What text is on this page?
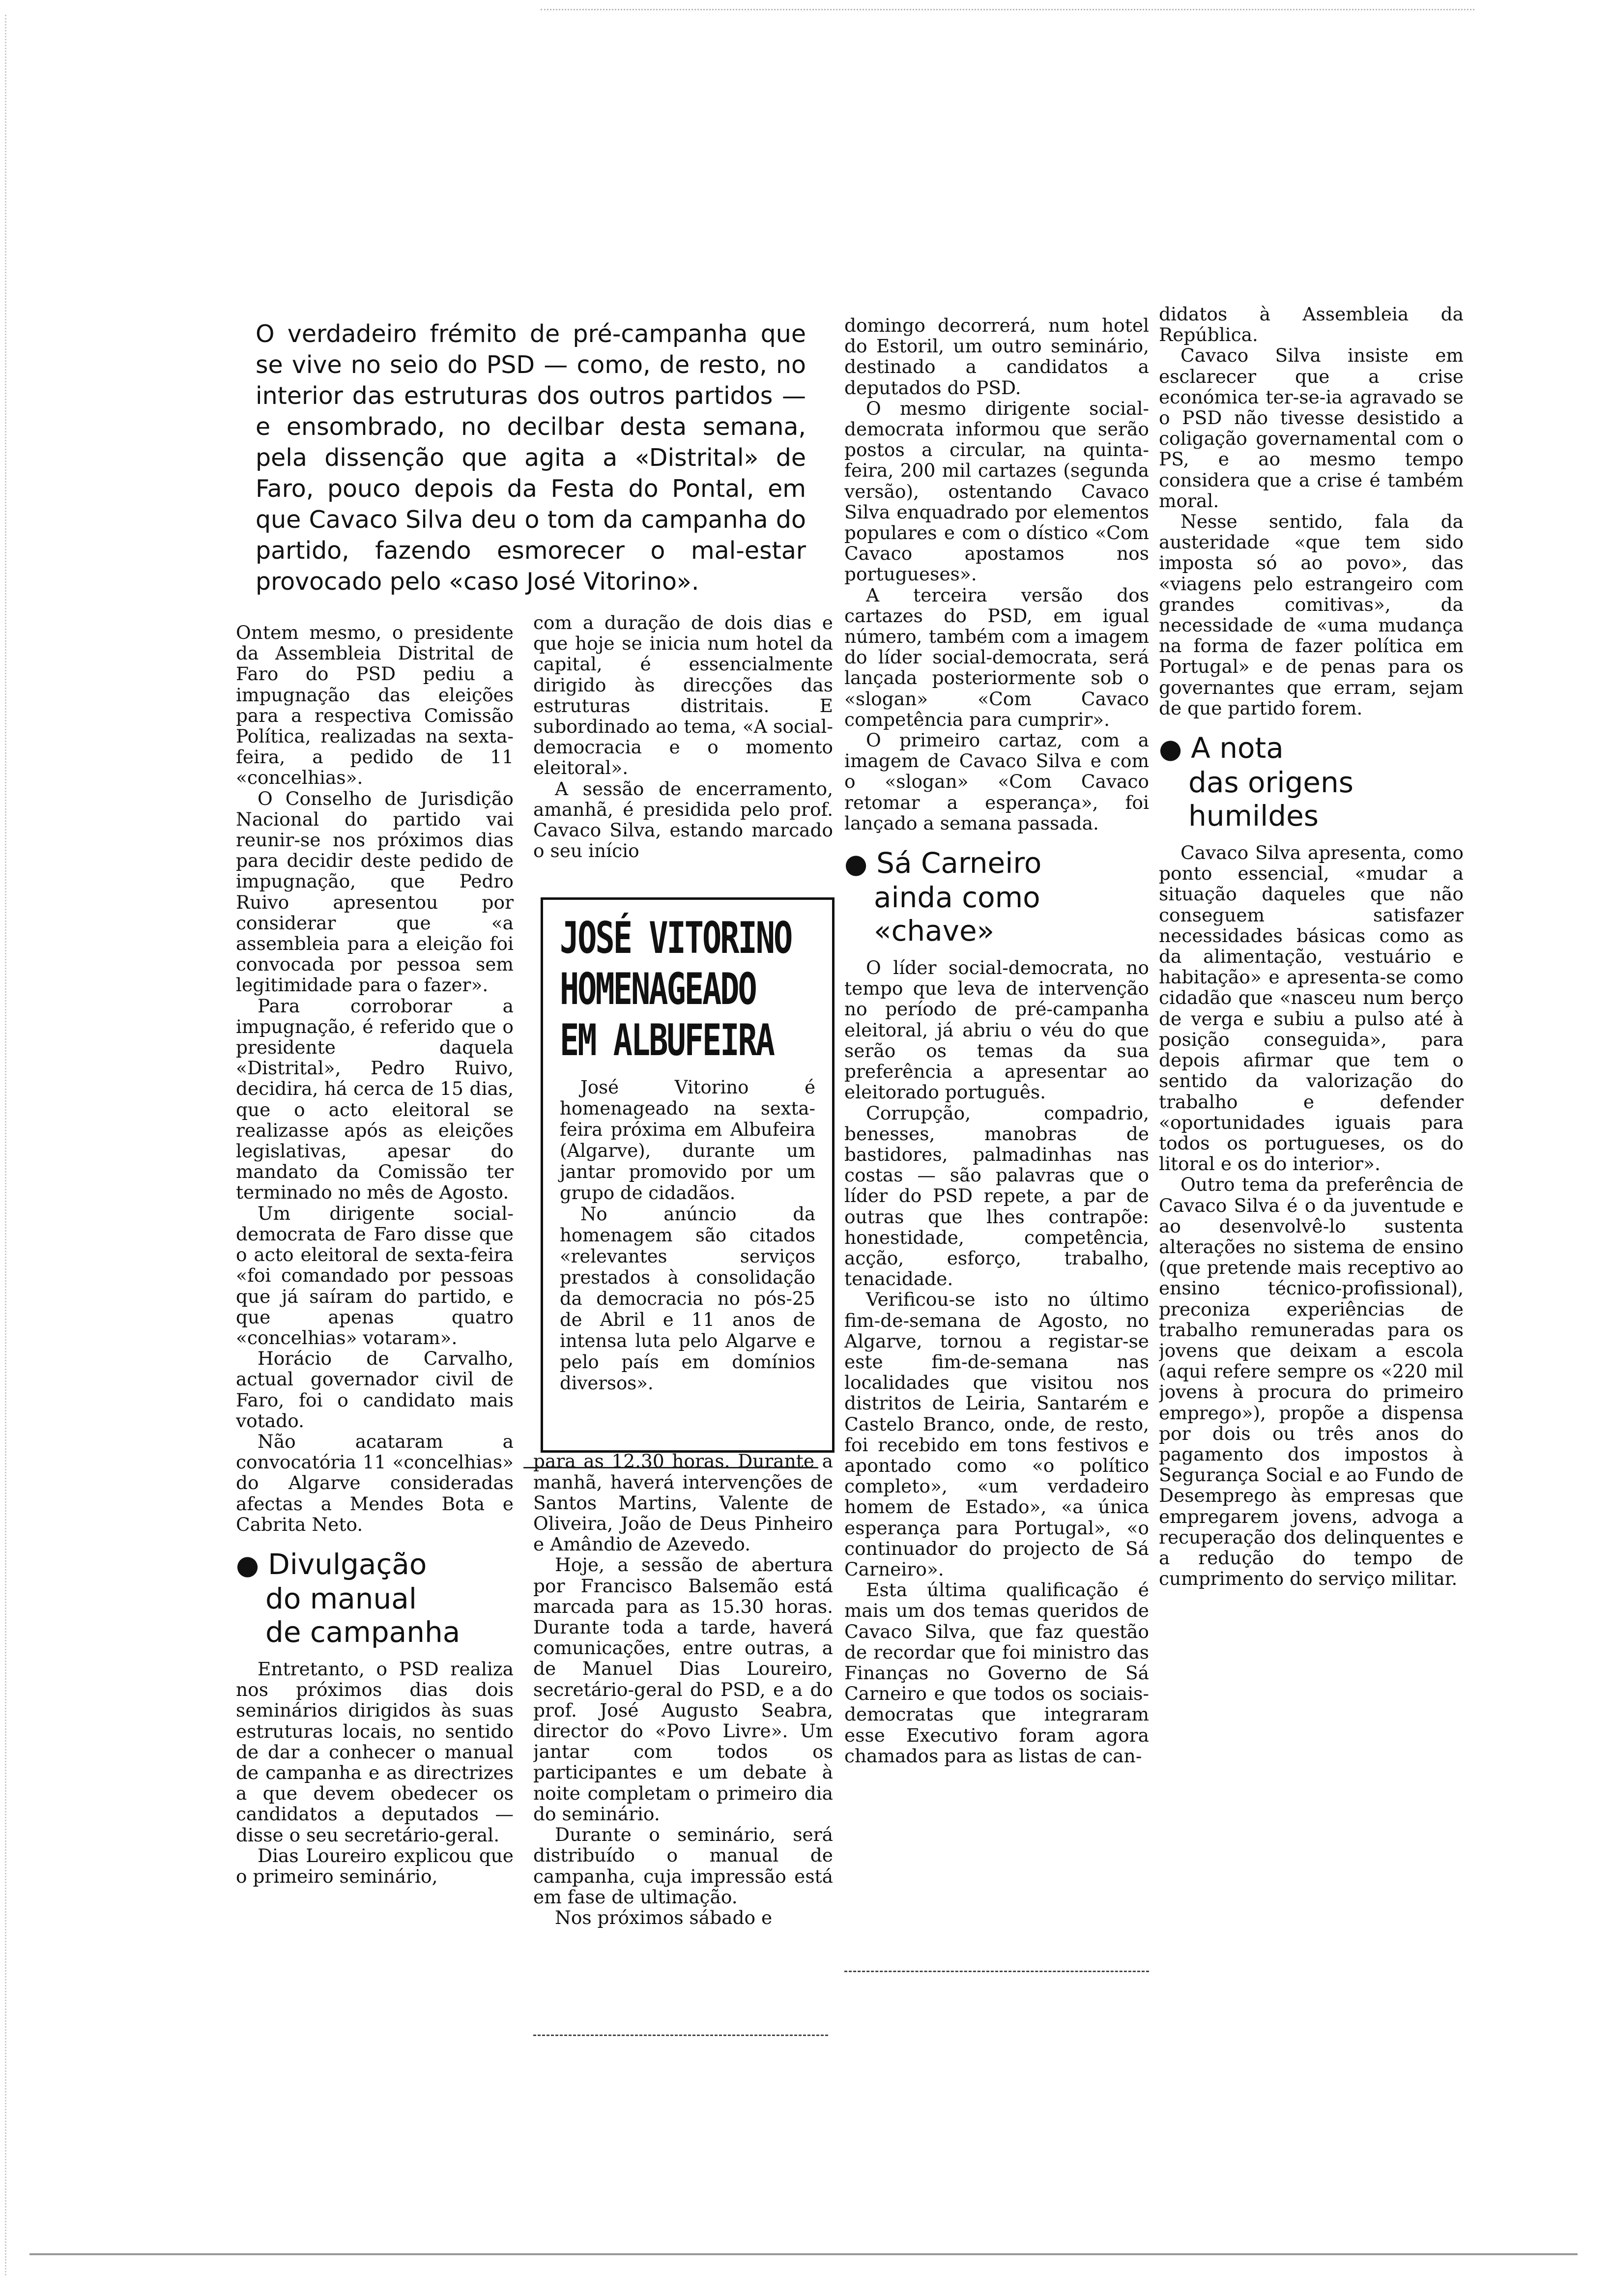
O verdadeiro frémito de pré-campanha que se vive no seio do PSD — como, de resto, no interior das estruturas dos outros partidos — e ensombrado, no decilbar desta semana, pela dissenção que agita a «Distrital» de Faro, pouco depois da Festa do Pontal, em que Cavaco Silva deu o tom da campanha do partido, fazendo esmorecer o mal-estar provocado pelo «caso José Vitorino».

Ontem mesmo, o presidente da Assembleia Distrital de Faro do PSD pediu a impugnação das eleições para a respectiva Comissão Política, realizadas na sexta-feira, a pedido de 11 «concelhias».

O Conselho de Jurisdição Nacional do partido vai reunir-se nos próximos dias para decidir deste pedido de impugnação, que Pedro Ruivo apresentou por considerar que «a assembleia para a eleição foi convocada por pessoa sem legitimidade para o fazer».

Para corroborar a impugnação, é referido que o presidente daquela «Distrital», Pedro Ruivo, decidira, há cerca de 15 dias, que o acto eleitoral se realizasse após as eleições legislativas, apesar do mandato da Comissão ter terminado no mês de Agosto.

Um dirigente social-democrata de Faro disse que o acto eleitoral de sexta-feira «foi comandado por pessoas que já saíram do partido, e que apenas quatro «concelhias» votaram».

Horácio de Carvalho, actual governador civil de Faro, foi o candidato mais votado.

Não acataram a convocatória 11 «concelhias» do Algarve consideradas afectas a Mendes Bota e Cabrita Neto.

● Divulgação
do manual
de campanha

Entretanto, o PSD realiza nos próximos dias dois seminários dirigidos às suas estruturas locais, no sentido de dar a conhecer o manual de campanha e as directrizes a que devem obedecer os candidatos a deputados — disse o seu secretário-geral.

Dias Loureiro explicou que o primeiro seminário,

com a duração de dois dias e que hoje se inicia num hotel da capital, é essencialmente dirigido às direcções das estruturas distritais. E subordinado ao tema, «A social-democracia e o momento eleitoral».

A sessão de encerramento, amanhã, é presidida pelo prof. Cavaco Silva, estando marcado o seu início

para as 12.30 horas. Durante a manhã, haverá intervenções de Santos Martins, Valente de Oliveira, João de Deus Pinheiro e Amândio de Azevedo.

Hoje, a sessão de abertura por Francisco Balsemão está marcada para as 15.30 horas. Durante toda a tarde, haverá comunicações, entre outras, a de Manuel Dias Loureiro, secretário-geral do PSD, e a do prof. José Augusto Seabra, director do «Povo Livre». Um jantar com todos os participantes e um debate à noite completam o primeiro dia do seminário.

Durante o seminário, será distribuído o manual de campanha, cuja impressão está em fase de ultimação.

Nos próximos sábado e

JOSÉ VITORINO
HOMENAGEADO
EM ALBUFEIRA

José Vitorino é homenageado na sexta-feira próxima em Albufeira (Algarve), durante um jantar promovido por um grupo de cidadãos.

No anúncio da homenagem são citados «relevantes serviços prestados à consolidação da democracia no pós-25 de Abril e 11 anos de intensa luta pelo Algarve e pelo país em domínios diversos».

domingo decorrerá, num hotel do Estoril, um outro seminário, destinado a candidatos a deputados do PSD.

O mesmo dirigente social-democrata informou que serão postos a circular, na quinta-feira, 200 mil cartazes (segunda versão), ostentando Cavaco Silva enquadrado por elementos populares e com o dístico «Com Cavaco apostamos nos portugueses».

A terceira versão dos cartazes do PSD, em igual número, também com a imagem do líder social-democrata, será lançada posteriormente sob o «slogan» «Com Cavaco competência para cumprir».

O primeiro cartaz, com a imagem de Cavaco Silva e com o «slogan» «Com Cavaco retomar a esperança», foi lançado a semana passada.

● Sá Carneiro
ainda como
«chave»

O líder social-democrata, no tempo que leva de intervenção no período de pré-campanha eleitoral, já abriu o véu do que serão os temas da sua preferência a apresentar ao eleitorado português.

Corrupção, compadrio, benesses, manobras de bastidores, palmadinhas nas costas — são palavras que o líder do PSD repete, a par de outras que lhes contrapõe: honestidade, competência, acção, esforço, trabalho, tenacidade.

Verificou-se isto no último fim-de-semana de Agosto, no Algarve, tornou a registar-se este fim-de-semana nas localidades que visitou nos distritos de Leiria, Santarém e Castelo Branco, onde, de resto, foi recebido em tons festivos e apontado como «o político completo», «um verdadeiro homem de Estado», «a única esperança para Portugal», «o continuador do projecto de Sá Carneiro».

Esta última qualificação é mais um dos temas queridos de Cavaco Silva, que faz questão de recordar que foi ministro das Finanças no Governo de Sá Carneiro e que todos os sociais-democratas que integraram esse Executivo foram agora chamados para as listas de can-

didatos à Assembleia da República.

Cavaco Silva insiste em esclarecer que a crise económica ter-se-ia agravado se o PSD não tivesse desistido a coligação governamental com o PS, e ao mesmo tempo considera que a crise é também moral.

Nesse sentido, fala da austeridade «que tem sido imposta só ao povo», das «viagens pelo estrangeiro com grandes comitivas», da necessidade de «uma mudança na forma de fazer política em Portugal» e de penas para os governantes que erram, sejam de que partido forem.

● A nota
das origens
humildes

Cavaco Silva apresenta, como ponto essencial, «mudar a situação daqueles que não conseguem satisfazer necessidades básicas como as da alimentação, vestuário e habitação» e apresenta-se como cidadão que «nasceu num berço de verga e subiu a pulso até à posição conseguida», para depois afirmar que tem o sentido da valorização do trabalho e defender «oportunidades iguais para todos os portugueses, os do litoral e os do interior».

Outro tema da preferência de Cavaco Silva é o da juventude e ao desenvolvê-lo sustenta alterações no sistema de ensino (que pretende mais receptivo ao ensino técnico-profissional), preconiza experiências de trabalho remuneradas para os jovens que deixam a escola (aqui refere sempre os «220 mil jovens à procura do primeiro emprego»), propõe a dispensa por dois ou três anos do pagamento dos impostos à Segurança Social e ao Fundo de Desemprego às empresas que empregarem jovens, advoga a recuperação dos delinquentes e a redução do tempo de cumprimento do serviço militar.
